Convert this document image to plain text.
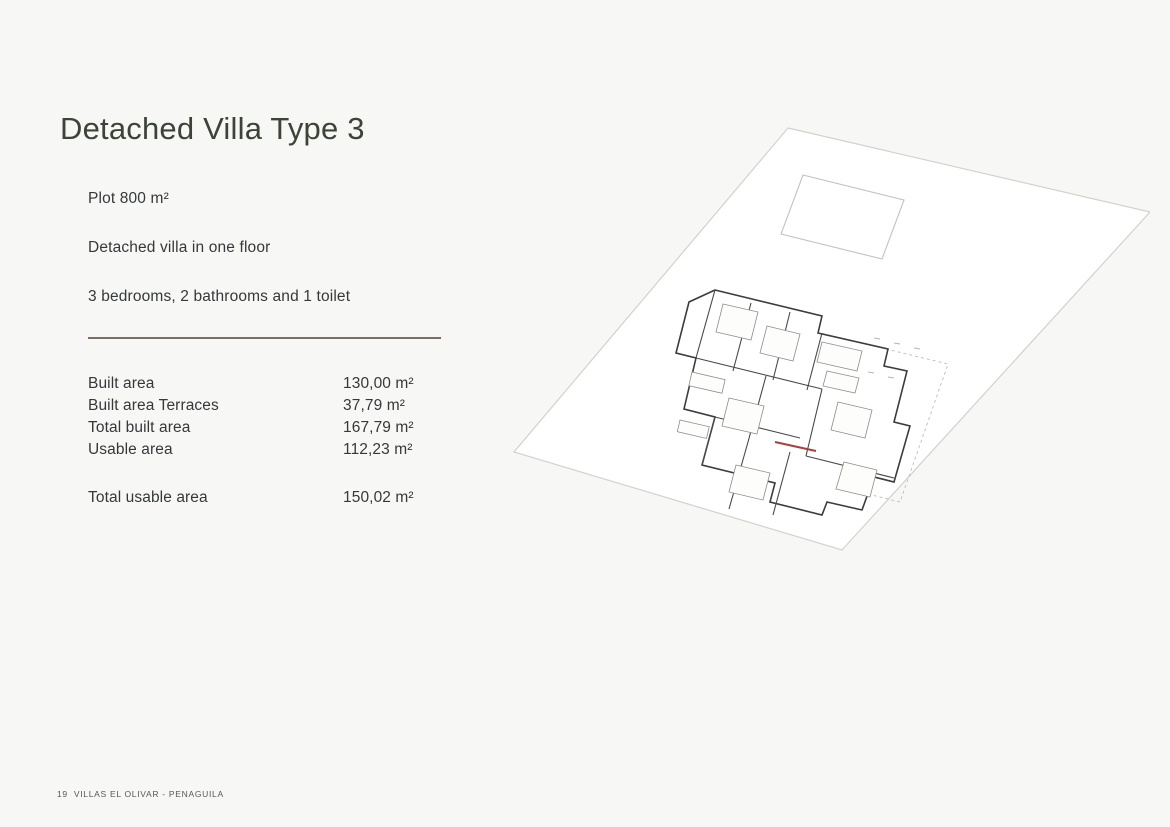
Detached Villa Type 3

Plot 800 m²

Detached villa in one floor

3 bedrooms, 2 bathrooms and 1 toilet

Built area	130,00 m²
Built area Terraces	37,79 m²
Total built area	167,79 m²
Usable area	112,23 m²

Total usable area	150,02 m²
19 VILLAS EL OLIVAR - PENAGUILA
